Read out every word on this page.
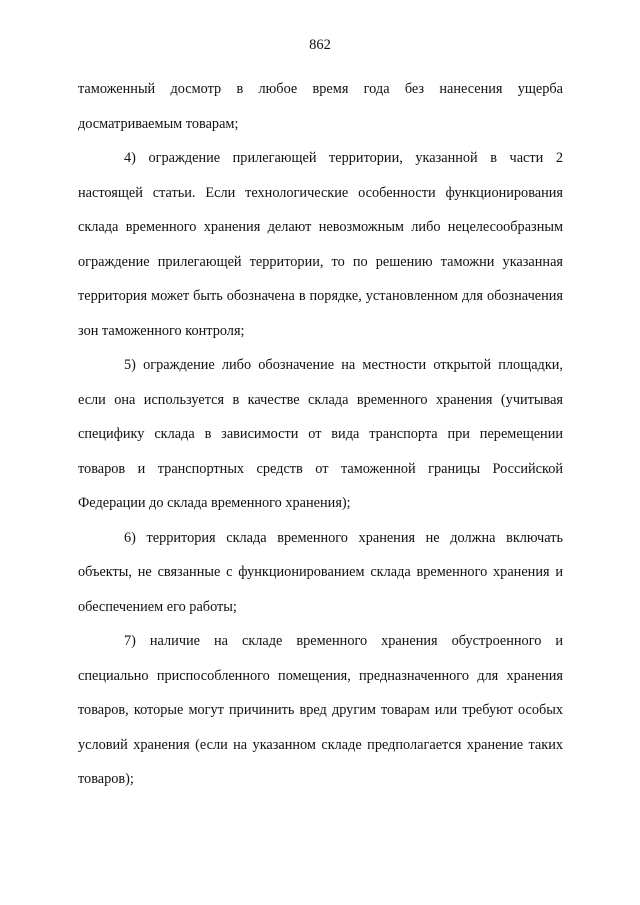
862

таможенный досмотр в любое время года без нанесения ущерба досматриваемым товарам;

4) ограждение прилегающей территории, указанной в части 2 настоящей статьи. Если технологические особенности функционирования склада временного хранения делают невозможным либо нецелесообразным ограждение прилегающей территории, то по решению таможни указанная территория может быть обозначена в порядке, установленном для обозначения зон таможенного контроля;

5) ограждение либо обозначение на местности открытой площадки, если она используется в качестве склада временного хранения (учитывая специфику склада в зависимости от вида транспорта при перемещении товаров и транспортных средств от таможенной границы Российской Федерации до склада временного хранения);

6) территория склада временного хранения не должна включать объекты, не связанные с функционированием склада временного хранения и обеспечением его работы;

7) наличие на складе временного хранения обустроенного и специально приспособленного помещения, предназначенного для хранения товаров, которые могут причинить вред другим товарам или требуют особых условий хранения (если на указанном складе предполагается хранение таких товаров);
